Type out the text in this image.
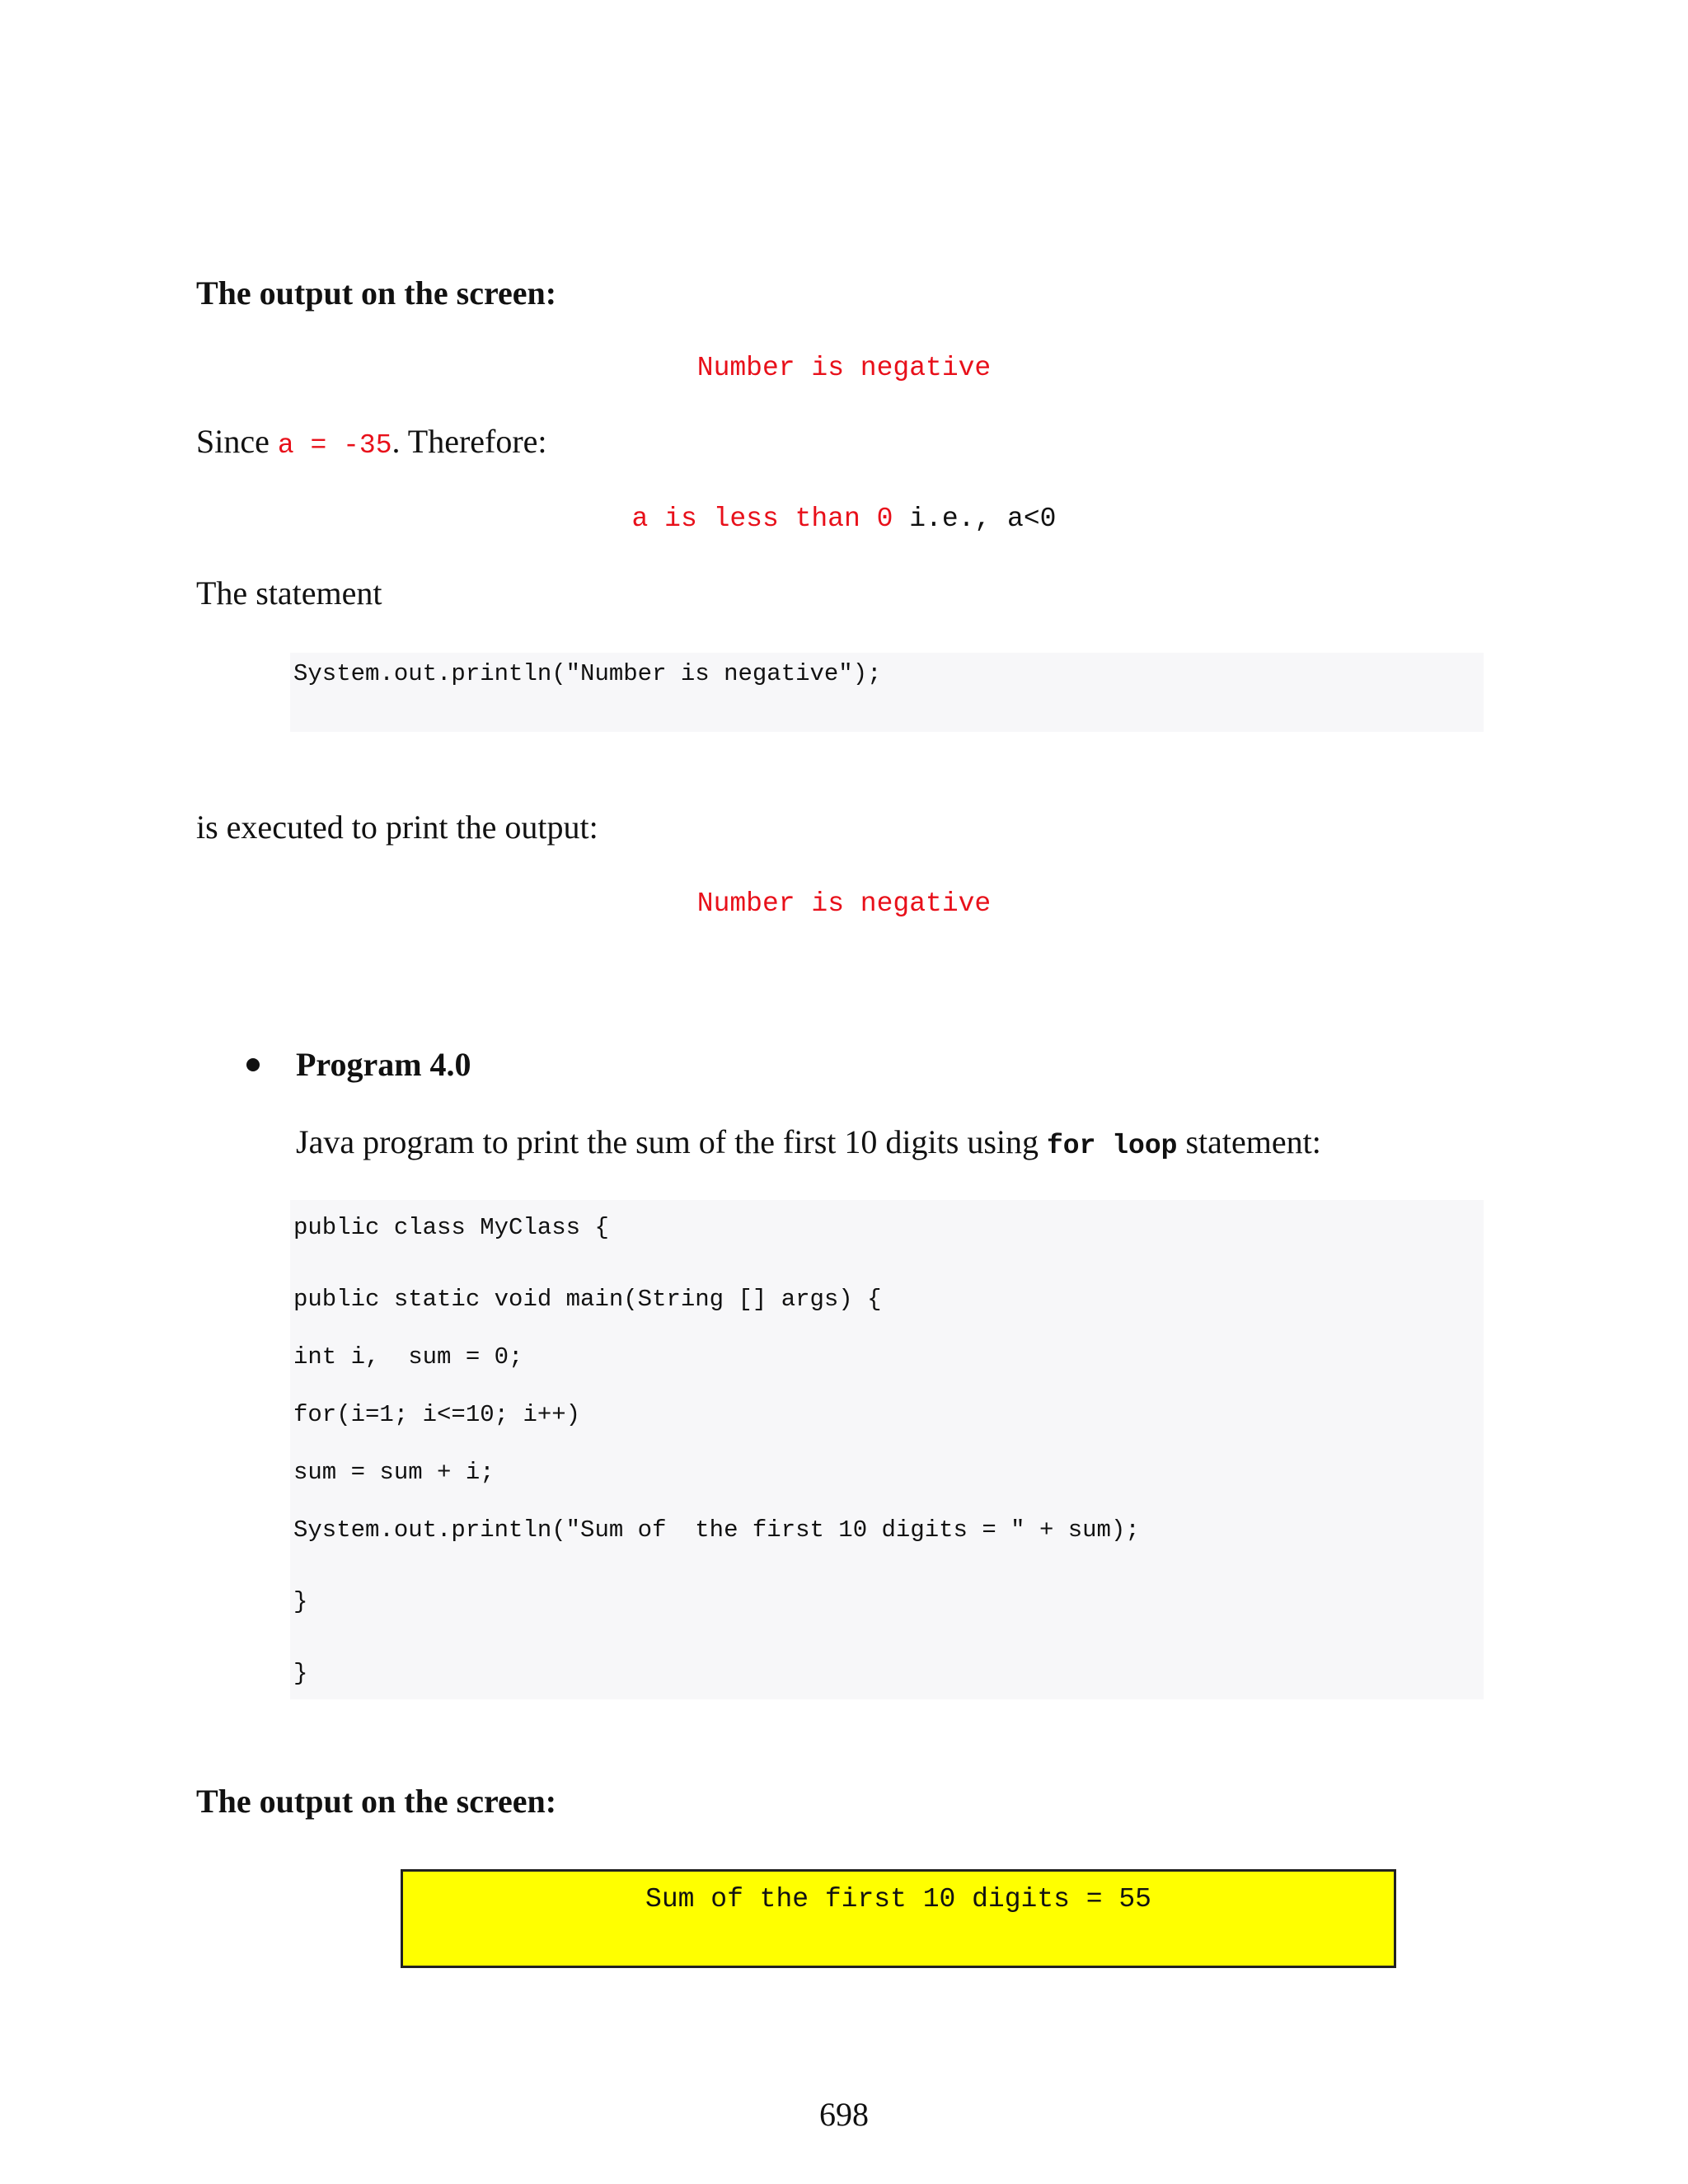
The output on the screen:
Number is negative
Since a = -35. Therefore:
a is less than 0 i.e., a<0
The statement
System.out.println("Number is negative");
is executed to print the output:
Number is negative
Program 4.0
Java program to print the sum of the first 10 digits using for loop statement:
public class MyClass {
public static void main(String [] args) {
int i,  sum = 0;
for(i=1; i<=10; i++)
sum = sum + i;
System.out.println("Sum of  the first 10 digits = " + sum);
}
}
The output on the screen:
Sum of the first 10 digits = 55
698
